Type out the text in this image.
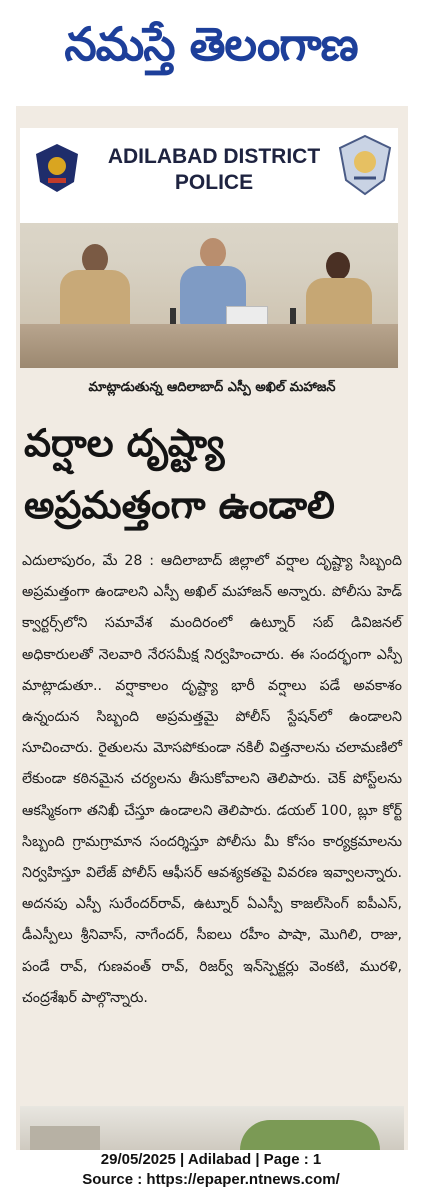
నమస్తే తెలంగాణ
ADILABAD DISTRICT
POLICE
మాట్లాడుతున్న ఆదిలాబాద్ ఎస్పీ అఖిల్ మహాజన్
వర్షాల దృష్ట్యా
అప్రమత్తంగా ఉండాలి
ఎదులాపురం, మే 28 : ఆదిలాబాద్ జిల్లాలో వర్షాల దృష్ట్యా సిబ్బంది అప్రమత్తంగా ఉండాలని ఎస్పీ అఖిల్ మహాజన్ అన్నారు. పోలీసు హెడ్ క్వార్టర్స్‌లోని సమావేశ మందిరంలో ఉట్నూర్ సబ్ డివిజనల్ అధికారులతో నెలవారి నేరసమీక్ష నిర్వహించారు. ఈ సందర్భంగా ఎస్పీ మాట్లాడుతూ.. వర్షాకాలం దృష్ట్యా భారీ వర్షాలు పడే అవకాశం ఉన్నందున సిబ్బంది అప్రమత్తమై పోలీస్ స్టేషన్‌లో ఉండాలని సూచించారు. రైతులను మోసపోకుండా నకిలీ విత్తనాలను చలామణిలో లేకుండా కఠినమైన చర్యలను తీసుకోవాలని తెలిపారు. చెక్ పోస్ట్‌లను ఆకస్మికంగా తనిఖీ చేస్తూ ఉండాలని తెలిపారు. డయల్ 100, బ్లూ కోర్ట్ సిబ్బంది గ్రామగ్రామాన సందర్శిస్తూ పోలీసు మీ కోసం కార్యక్రమాలను నిర్వహిస్తూ విలేజ్ పోలీస్ ఆఫీసర్ ఆవశ్యకతపై వివరణ ఇవ్వాలన్నారు. అదనపు ఎస్పీ సురేందర్‌రావ్, ఉట్నూర్ ఏఎస్పీ కాజల్‌సింగ్ ఐపీఎస్, డీఎస్పీలు శ్రీనివాస్, నాగేందర్, సీఐలు రహీం పాషా, మొగిలి, రాజు, పండే రావ్, గుణవంత్ రావ్, రిజర్వ్ ఇన్‌స్పెక్టర్లు వెంకటి, మురళి, చంద్రశేఖర్ పాల్గొన్నారు.
29/05/2025 | Adilabad | Page : 1
Source : https://epaper.ntnews.com/
